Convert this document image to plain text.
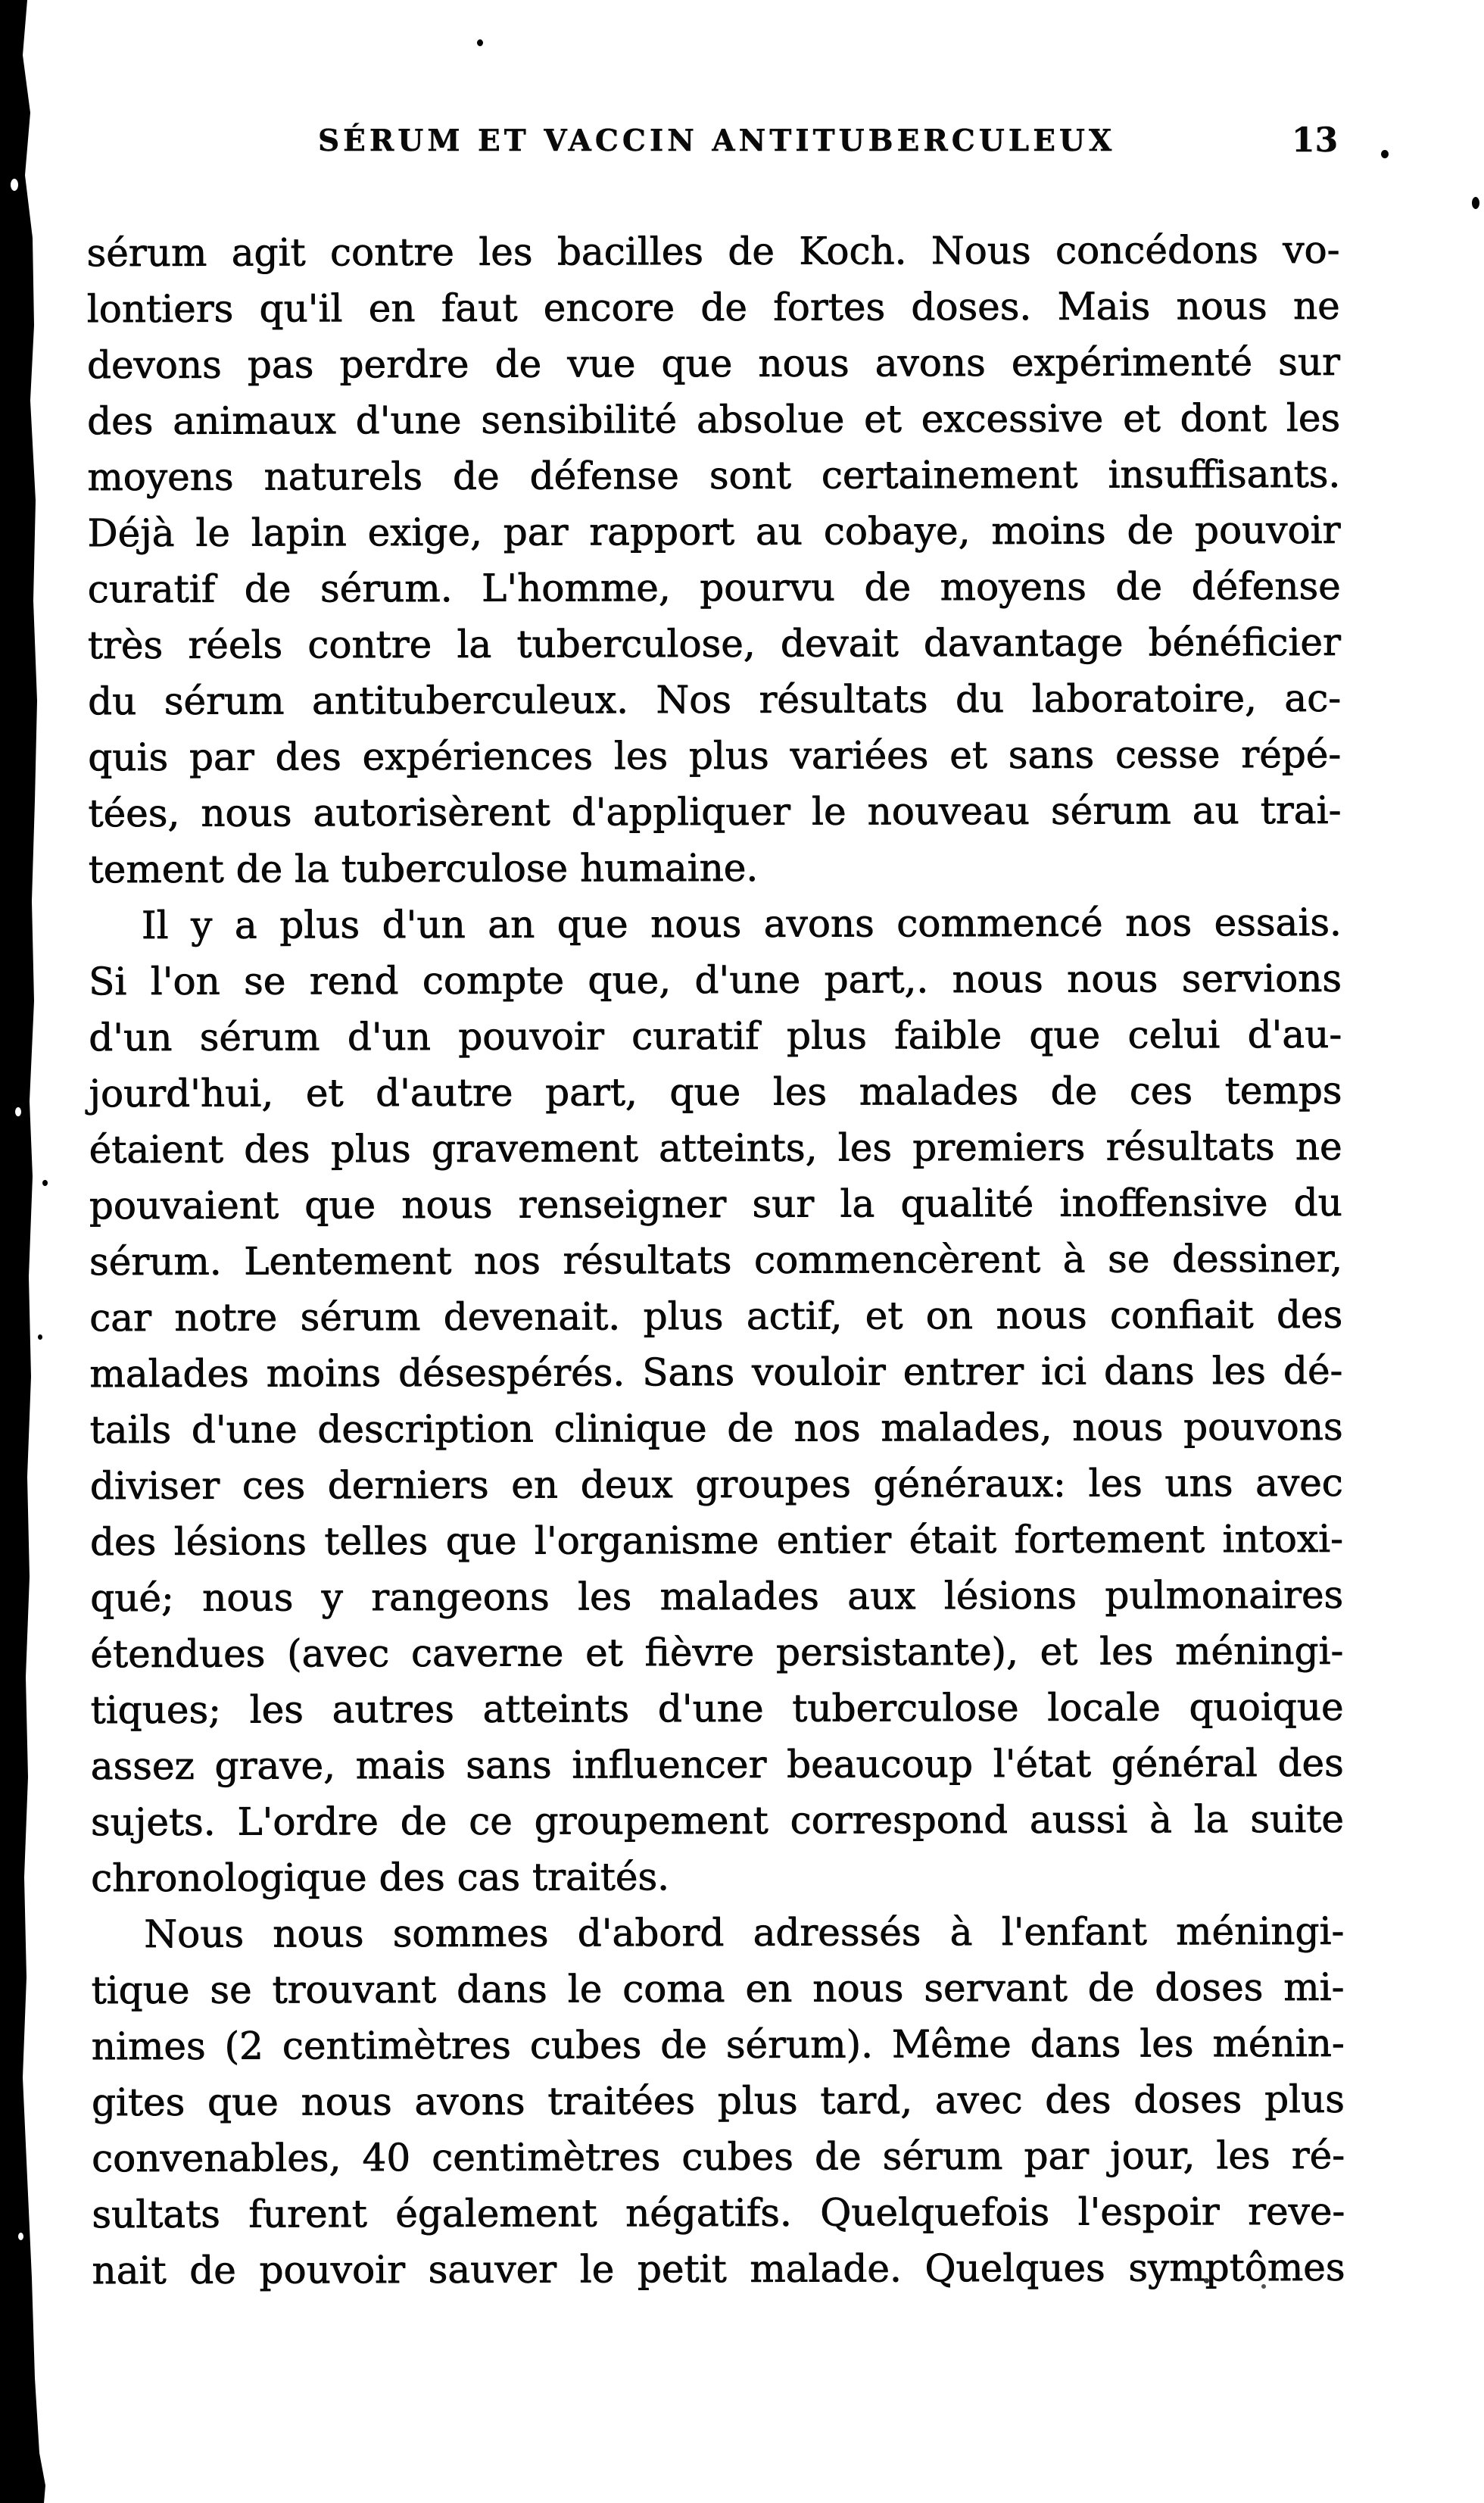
SÉRUM ET VACCIN ANTITUBERCULEUX	13
sérum agit contre les bacilles de Koch. Nous concédons vo-
lontiers qu'il en faut encore de fortes doses. Mais nous ne
devons pas perdre de vue que nous avons expérimenté sur
des animaux d'une sensibilité absolue et excessive et dont les
moyens naturels de défense sont certainement insuffisants.
Déjà le lapin exige, par rapport au cobaye, moins de pouvoir
curatif de sérum. L'homme, pourvu de moyens de défense
très réels contre la tuberculose, devait davantage bénéficier
du sérum antituberculeux. Nos résultats du laboratoire, ac-
quis par des expériences les plus variées et sans cesse répé-
tées, nous autorisèrent d'appliquer le nouveau sérum au trai-
tement de la tuberculose humaine.
Il y a plus d'un an que nous avons commencé nos essais.
Si l'on se rend compte que, d'une part,. nous nous servions
d'un sérum d'un pouvoir curatif plus faible que celui d'au-
jourd'hui, et d'autre part, que les malades de ces temps
étaient des plus gravement atteints, les premiers résultats ne
pouvaient que nous renseigner sur la qualité inoffensive du
sérum. Lentement nos résultats commencèrent à se dessiner,
car notre sérum devenait. plus actif, et on nous confiait des
malades moins désespérés. Sans vouloir entrer ici dans les dé-
tails d'une description clinique de nos malades, nous pouvons
diviser ces derniers en deux groupes généraux: les uns avec
des lésions telles que l'organisme entier était fortement intoxi-
qué; nous y rangeons les malades aux lésions pulmonaires
étendues (avec caverne et fièvre persistante), et les méningi-
tiques; les autres atteints d'une tuberculose locale quoique
assez grave, mais sans influencer beaucoup l'état général des
sujets. L'ordre de ce groupement correspond aussi à la suite
chronologique des cas traités.
Nous nous sommes d'abord adressés à l'enfant méningi-
tique se trouvant dans le coma en nous servant de doses mi-
nimes (2 centimètres cubes de sérum). Même dans les ménin-
gites que nous avons traitées plus tard, avec des doses plus
convenables, 40 centimètres cubes de sérum par jour, les ré-
sultats furent également négatifs. Quelquefois l'espoir reve-
nait de pouvoir sauver le petit malade. Quelques symptômes
